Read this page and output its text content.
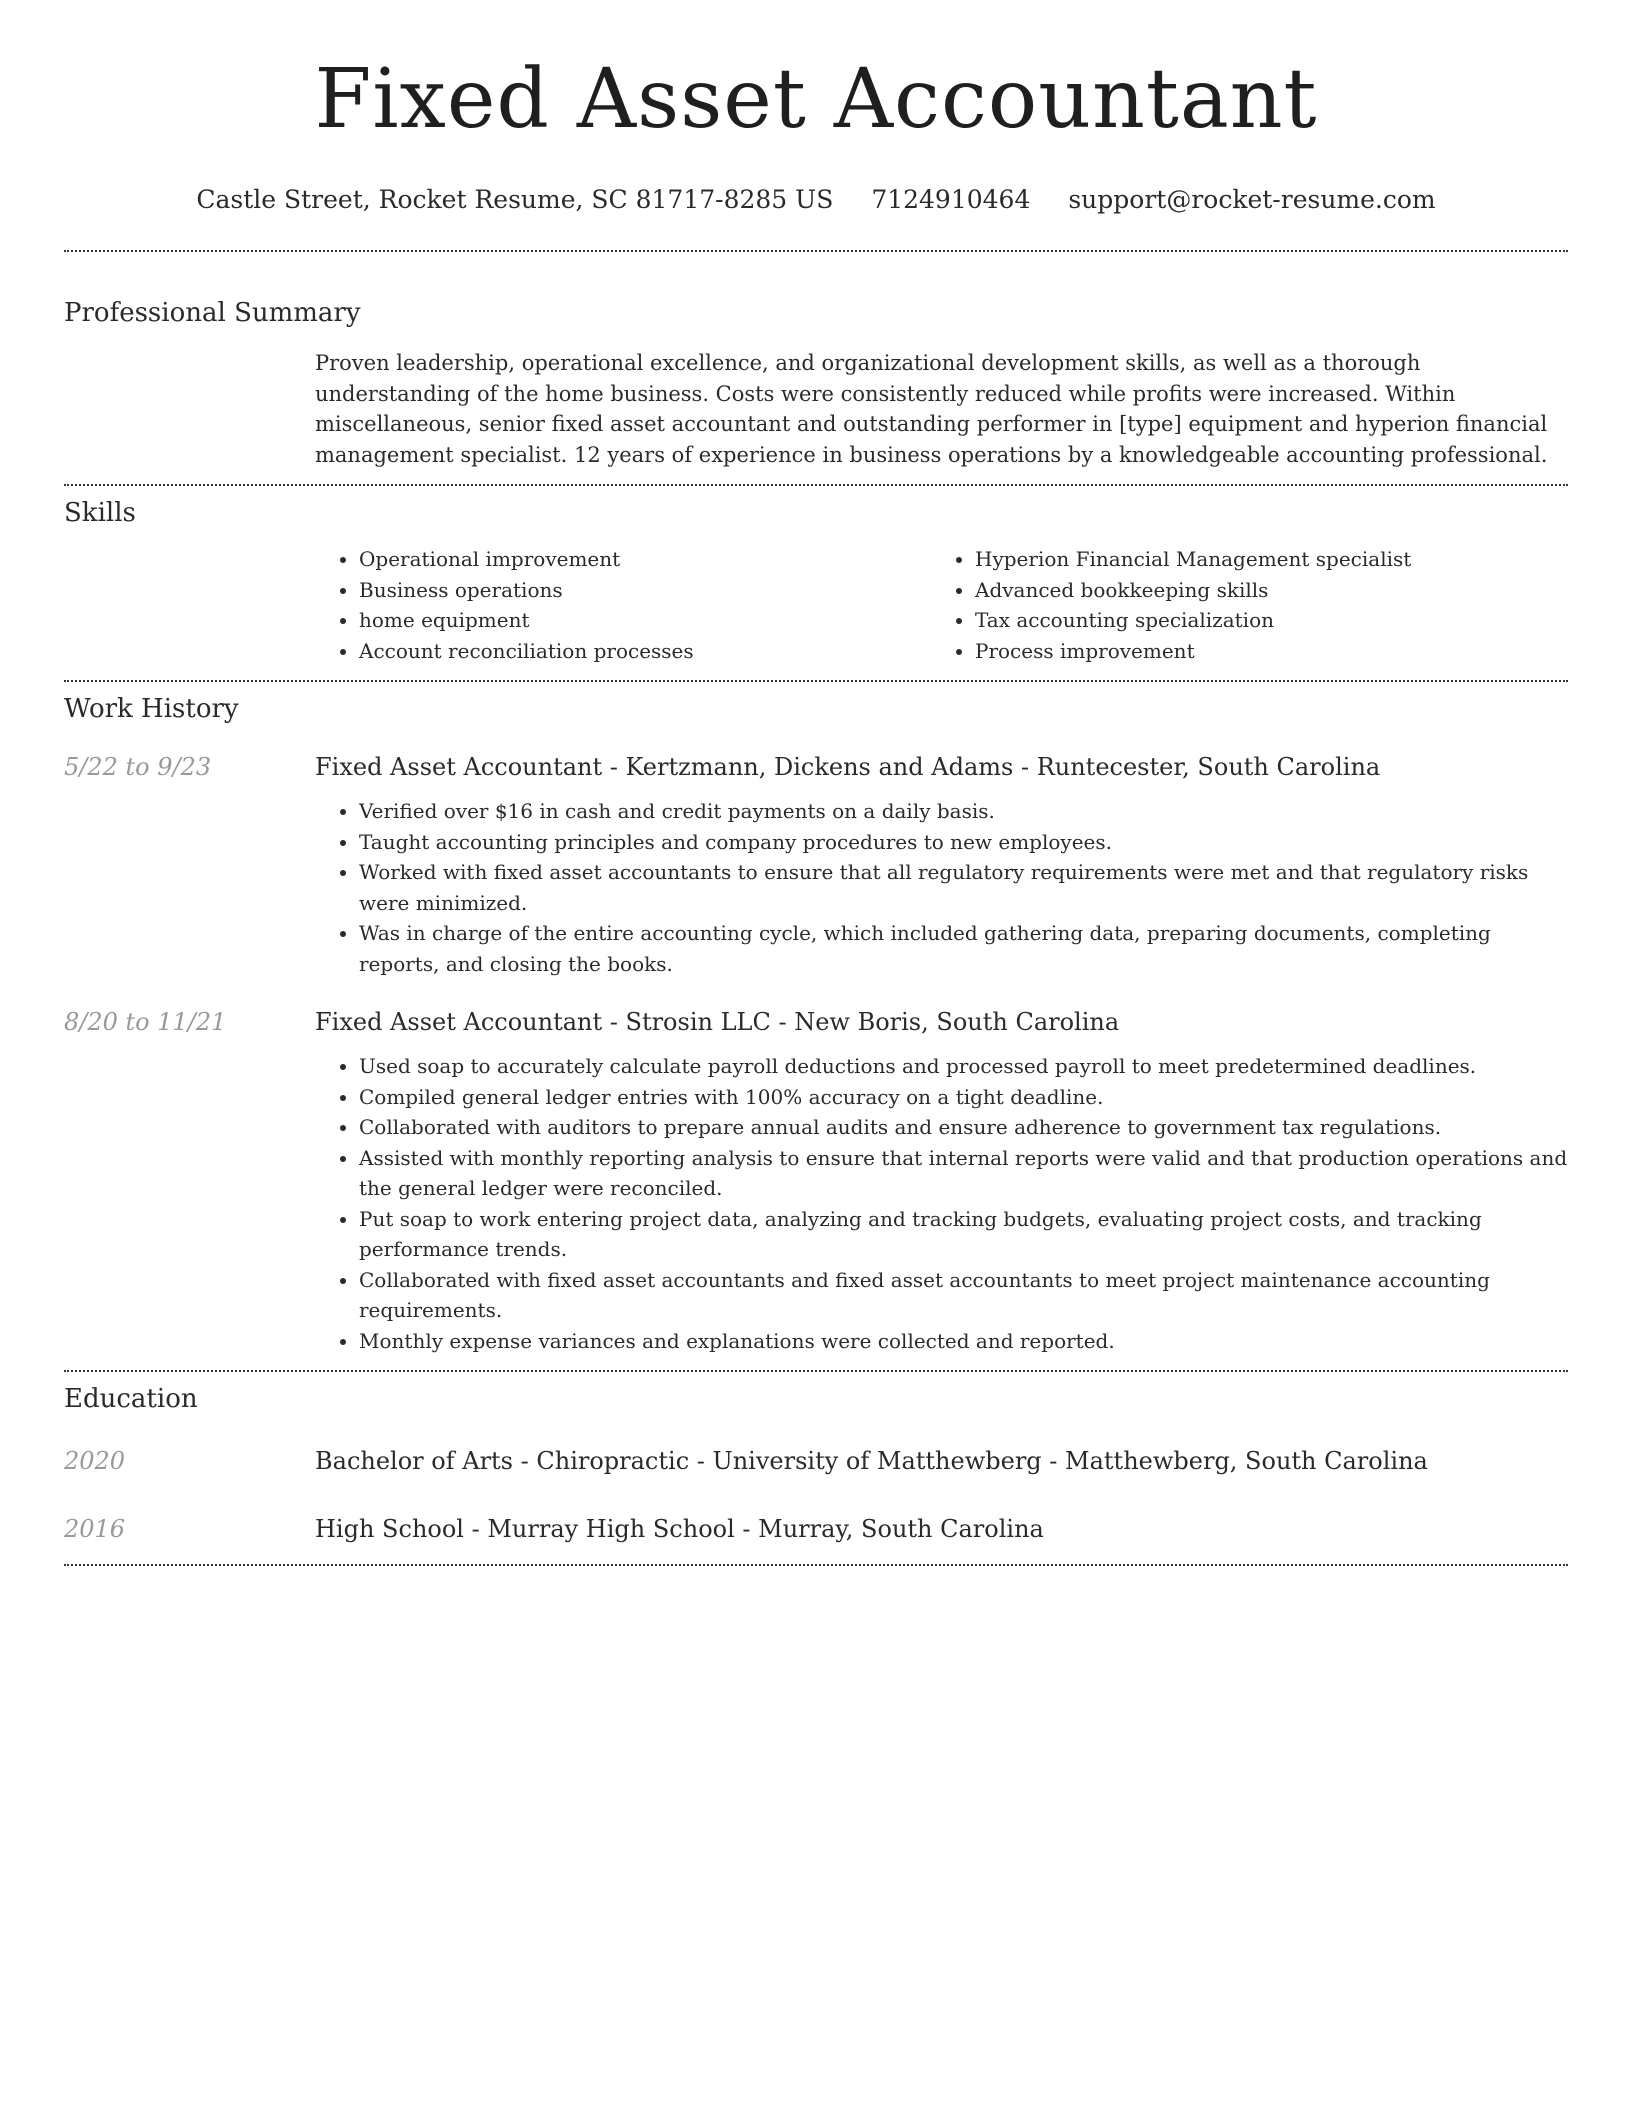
Fixed Asset Accountant
Castle Street, Rocket Resume, SC 81717-8285 US 7124910464 support@rocket-resume.com
Professional Summary

Proven leadership, operational excellence, and organizational development skills, as well as a thorough understanding of the home business. Costs were consistently reduced while profits were increased. Within miscellaneous, senior fixed asset accountant and outstanding performer in [type] equipment and hyperion financial management specialist. 12 years of experience in business operations by a knowledgeable accounting professional.

Skills
• Operational improvement
• Business operations
• home equipment
• Account reconciliation processes
• Hyperion Financial Management specialist
• Advanced bookkeeping skills
• Tax accounting specialization
• Process improvement
Work History
5/22 to 9/23	Fixed Asset Accountant - Kertzmann, Dickens and Adams - Runtecester, South Carolina
• Verified over $16 in cash and credit payments on a daily basis.
• Taught accounting principles and company procedures to new employees.
• Worked with fixed asset accountants to ensure that all regulatory requirements were met and that regulatory risks were minimized.
• Was in charge of the entire accounting cycle, which included gathering data, preparing documents, completing reports, and closing the books.
8/20 to 11/21	Fixed Asset Accountant - Strosin LLC - New Boris, South Carolina
• Used soap to accurately calculate payroll deductions and processed payroll to meet predetermined deadlines.
• Compiled general ledger entries with 100% accuracy on a tight deadline.
• Collaborated with auditors to prepare annual audits and ensure adherence to government tax regulations.
• Assisted with monthly reporting analysis to ensure that internal reports were valid and that production operations and the general ledger were reconciled.
• Put soap to work entering project data, analyzing and tracking budgets, evaluating project costs, and tracking performance trends.
• Collaborated with fixed asset accountants and fixed asset accountants to meet project maintenance accounting requirements.
• Monthly expense variances and explanations were collected and reported.
Education
2020	Bachelor of Arts - Chiropractic - University of Matthewberg - Matthewberg, South Carolina
2016	High School - Murray High School - Murray, South Carolina
